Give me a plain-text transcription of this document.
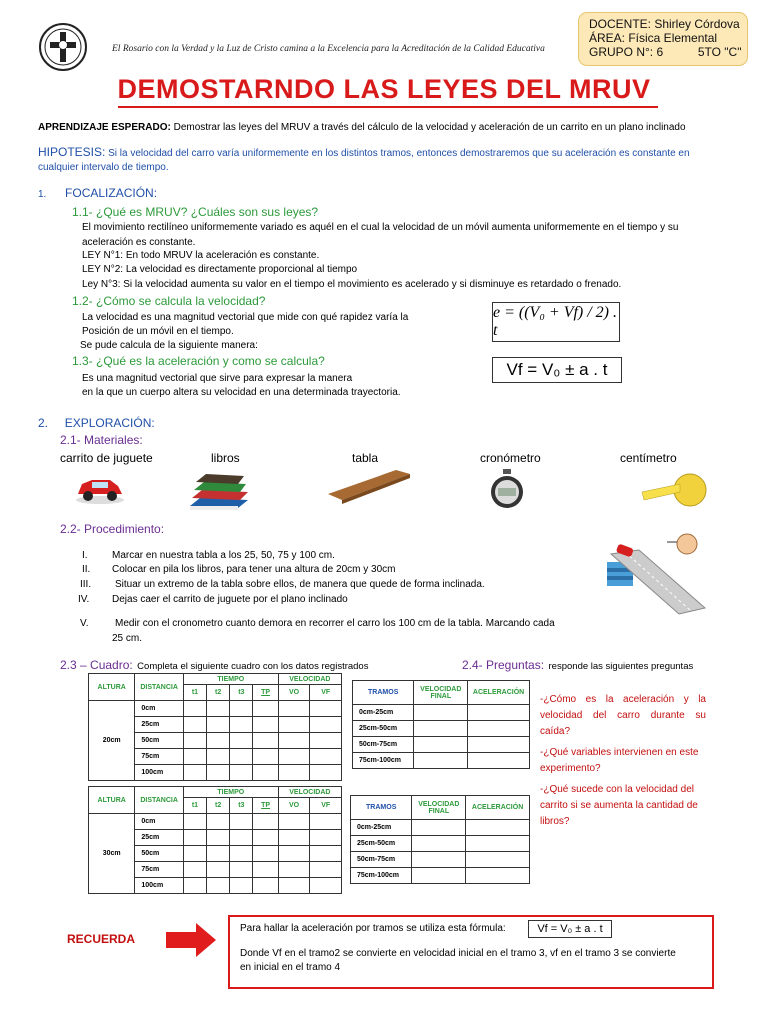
El Rosario con la Verdad y la Luz de Cristo camina a la Excelencia para la Acreditación de la Calidad Educativa
DOCENTE: Shirley Córdova
ÁREA: Física Elemental
GRUPO N°: 6	5TO "C"
DEMOSTARNDO LAS LEYES DEL MRUV
APRENDIZAJE ESPERADO: Demostrar las leyes del MRUV a través del cálculo de la velocidad y aceleración de un carrito en un plano inclinado
HIPOTESIS: Si la velocidad del carro varía uniformemente en los distintos tramos, entonces demostraremos que su aceleración es constante en
cualquier intervalo de tiempo.
1. FOCALIZACIÓN:
1.1- ¿Qué es MRUV? ¿Cuáles son sus leyes?
El movimiento rectilíneo uniformemente variado es aquél en el cual la velocidad de un móvil aumenta uniformemente en el tiempo y su
aceleración es constante.
LEY N°1: En todo MRUV la aceleración es constante.
LEY N°2: La velocidad es directamente proporcional al tiempo
Ley N°3: Si la velocidad aumenta su valor en el tiempo el movimiento es acelerado y si disminuye es retardado o frenado.
1.2- ¿Cómo se calcula la velocidad?
La velocidad es una magnitud vectorial que mide con qué rapidez varía la
Posición de un móvil en el tiempo.
Se pude calcula de la siguiente manera:
e = ((V₀ + Vf) / 2) . t
1.3- ¿Qué es la aceleración y como se calcula?
Es una magnitud vectorial que sirve para expresar la manera
en la que un cuerpo altera su velocidad en una determinada trayectoria.
Vf = V₀ ± a . t
2. EXPLORACIÓN:
2.1- Materiales:
carrito de juguete	libros	tabla	cronómetro	centímetro
2.2- Procedimiento:
I. Marcar en nuestra tabla a los 25, 50, 75 y 100 cm.
II. Colocar en pila los libros, para tener una altura de 20cm y 30cm
III. Situar un extremo de la tabla sobre ellos, de manera que quede de forma inclinada.
IV. Dejas caer el carrito de juguete por el plano inclinado
V.	Medir con el cronometro cuanto demora en recorrer el carro los 100 cm de la tabla. Marcando cada
25 cm.
2.3 – Cuadro: Completa el siguiente cuadro con los datos registrados	2.4- Preguntas: responde las siguientes preguntas
ALTURA	DISTANCIA	TIEMPO				VELOCIDAD	
		t1	t2	t3	TP	VO	VF
20cm	0cm						
	25cm						
	50cm						
	75cm						
	100cm						
TRAMOS	VELOCIDAD FINAL	ACELERACIÓN
0cm-25cm		
25cm-50cm		
50cm-75cm		
75cm-100cm		
ALTURA	DISTANCIA	TIEMPO				VELOCIDAD	
		t1	t2	t3	TP	VO	VF
30cm	0cm						
	25cm						
	50cm						
	75cm						
	100cm						
TRAMOS	VELOCIDAD FINAL	ACELERACIÓN
0cm-25cm		
25cm-50cm		
50cm-75cm		
75cm-100cm		
-¿Cómo es la aceleración y la velocidad del carro durante su caída?
-¿Qué variables intervienen en este experimento?
-¿Qué sucede con la velocidad del carrito si se aumenta la cantidad de libros?
RECUERDA
Para hallar la aceleración por tramos se utiliza esta fórmula:	Vf = V₀ ± a . t
Donde Vf en el tramo2 se convierte en velocidad inicial en el tramo 3, vf en el tramo 3 se convierte
en inicial en el tramo 4
